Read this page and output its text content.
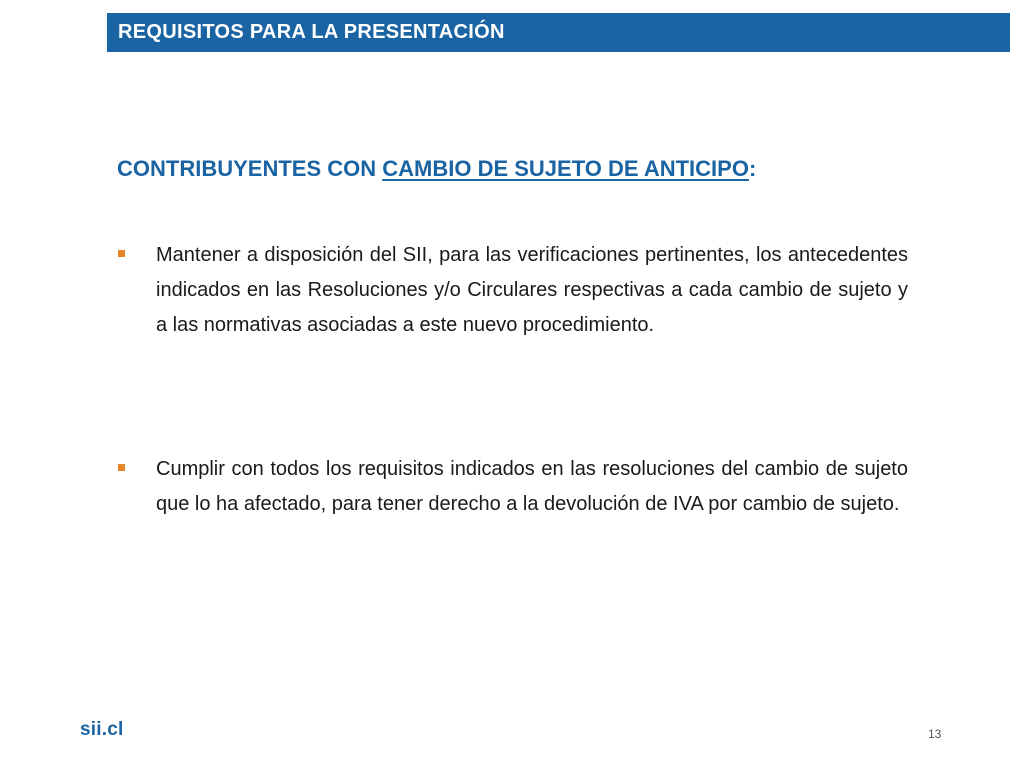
REQUISITOS PARA LA PRESENTACIÓN
CONTRIBUYENTES CON CAMBIO DE SUJETO DE ANTICIPO:

Mantener a disposición del SII, para las verificaciones pertinentes, los antecedentes indicados en las Resoluciones y/o Circulares respectivas a cada cambio de sujeto y a las normativas asociadas a este nuevo procedimiento.

Cumplir con todos los requisitos indicados en las resoluciones del cambio de sujeto que lo ha afectado, para tener derecho a la devolución de IVA por cambio de sujeto.

sii.cl	13
